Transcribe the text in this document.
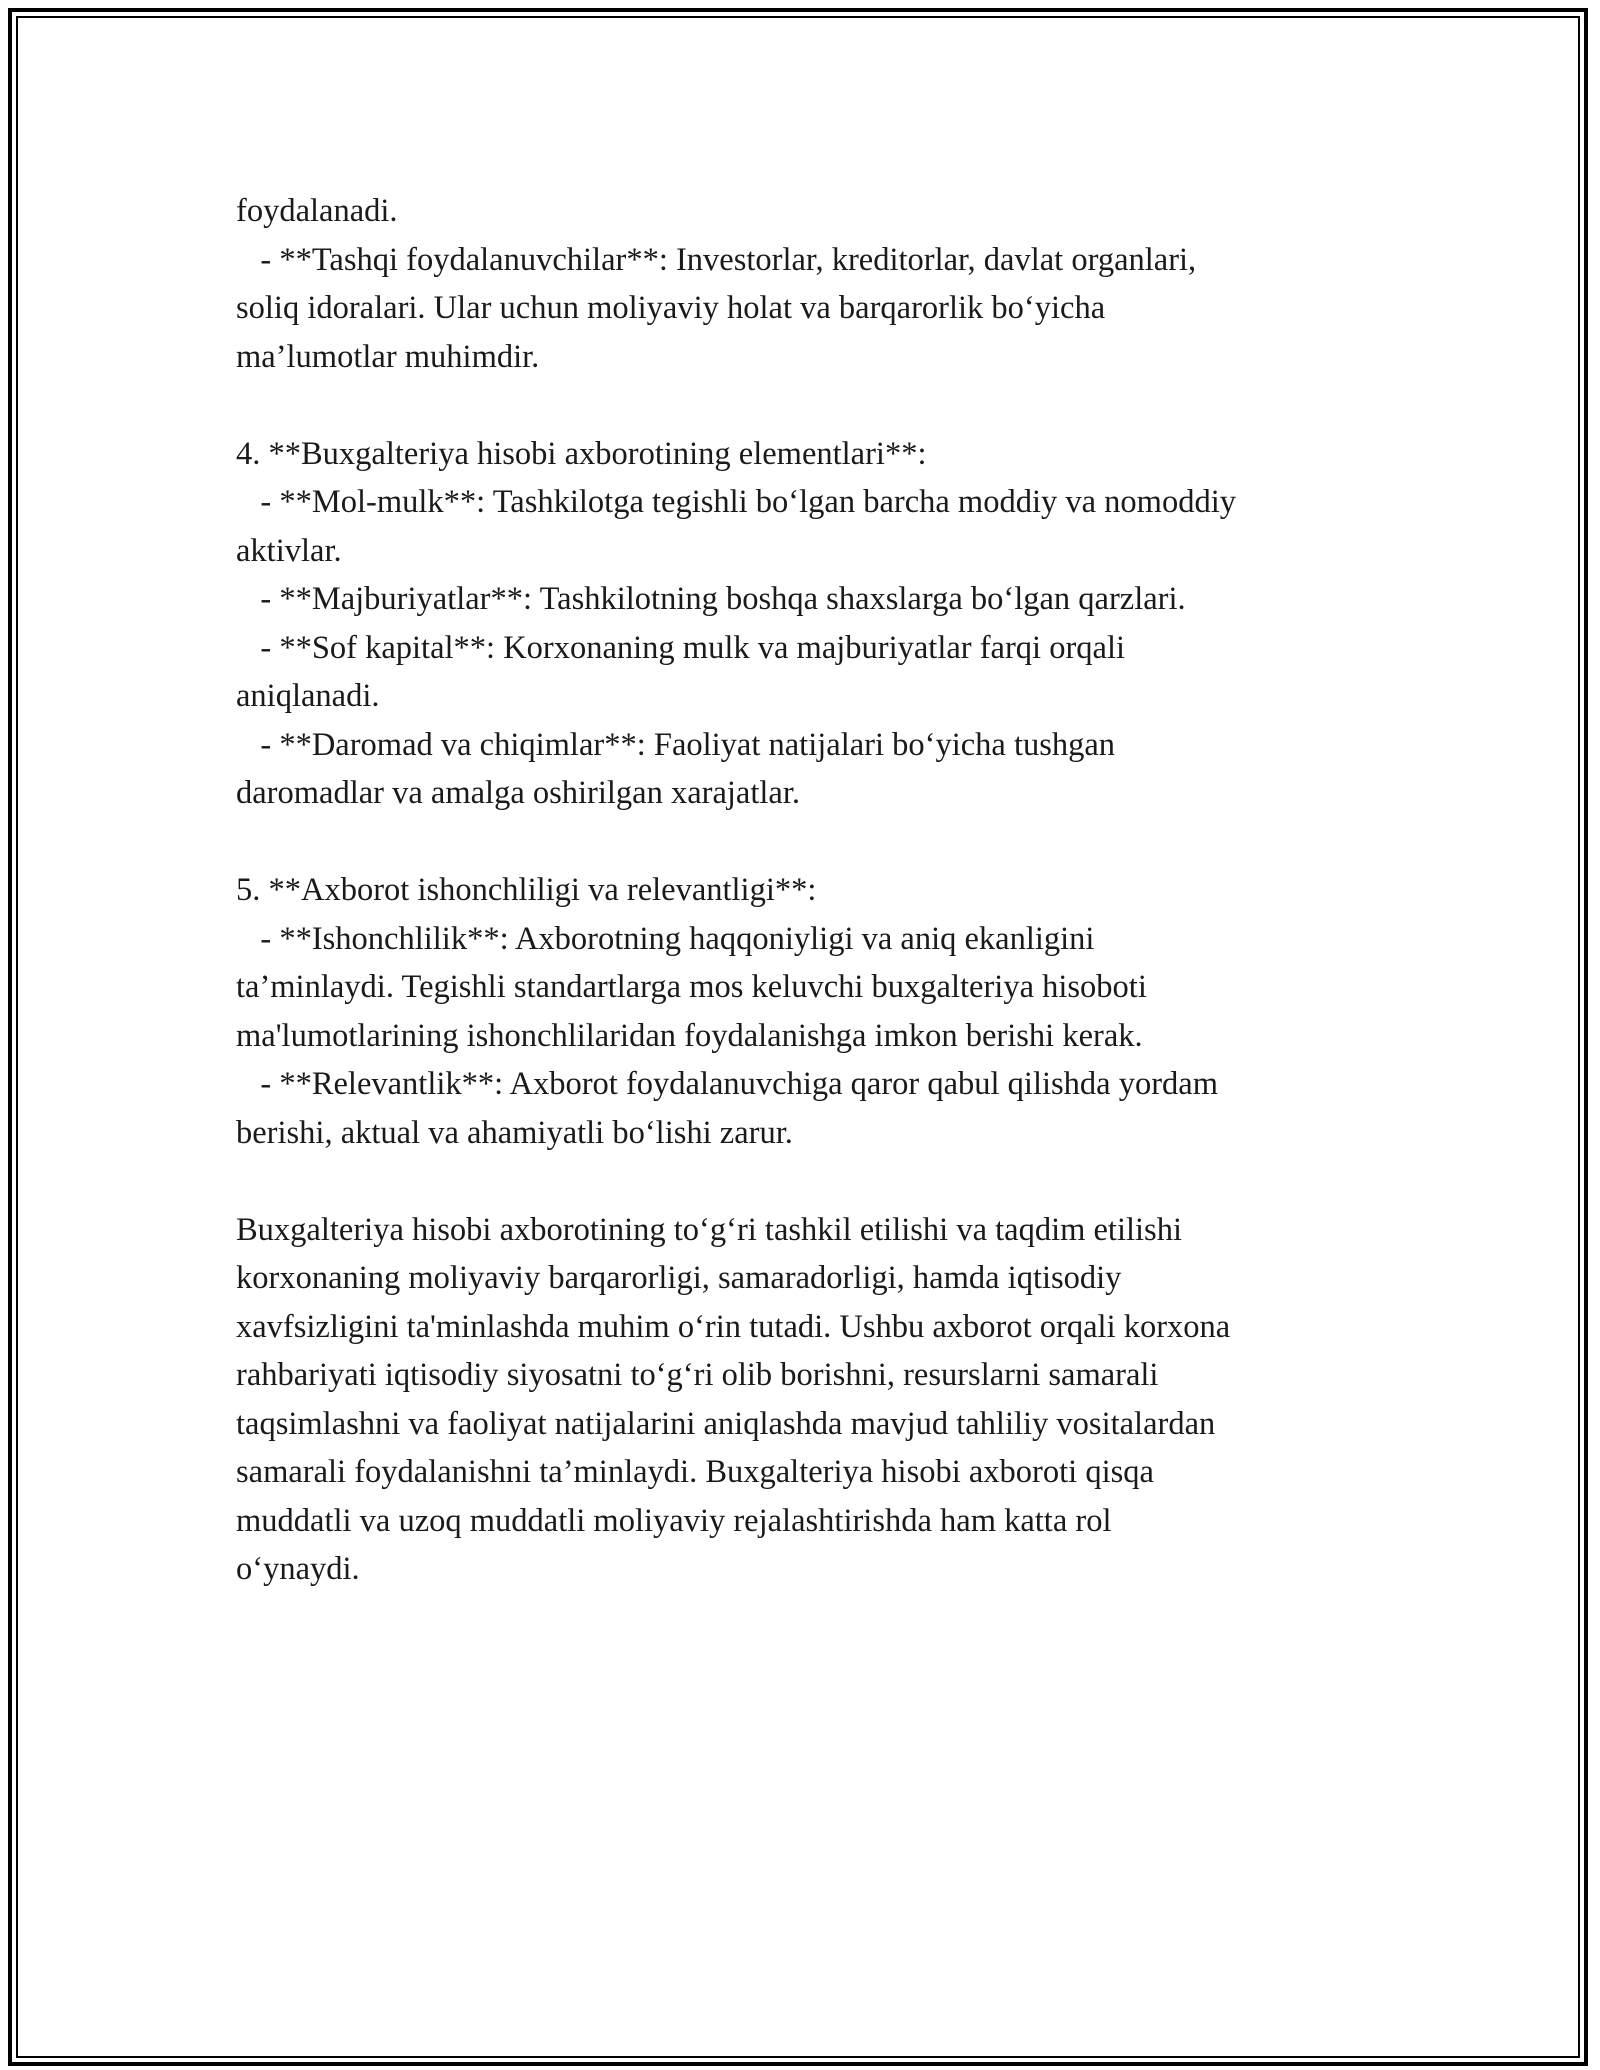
foydalanadi.
- **Tashqi foydalanuvchilar**: Investorlar, kreditorlar, davlat organlari,
soliq idoralari. Ular uchun moliyaviy holat va barqarorlik bo‘yicha
ma’lumotlar muhimdir.
4. **Buxgalteriya hisobi axborotining elementlari**:
- **Mol-mulk**: Tashkilotga tegishli bo‘lgan barcha moddiy va nomoddiy
aktivlar.
- **Majburiyatlar**: Tashkilotning boshqa shaxslarga bo‘lgan qarzlari.
- **Sof kapital**: Korxonaning mulk va majburiyatlar farqi orqali
aniqlanadi.
- **Daromad va chiqimlar**: Faoliyat natijalari bo‘yicha tushgan
daromadlar va amalga oshirilgan xarajatlar.
5. **Axborot ishonchliligi va relevantligi**:
- **Ishonchlilik**: Axborotning haqqoniyligi va aniq ekanligini
ta’minlaydi. Tegishli standartlarga mos keluvchi buxgalteriya hisoboti
ma'lumotlarining ishonchlilaridan foydalanishga imkon berishi kerak.
- **Relevantlik**: Axborot foydalanuvchiga qaror qabul qilishda yordam
berishi, aktual va ahamiyatli bo‘lishi zarur.
Buxgalteriya hisobi axborotining to‘g‘ri tashkil etilishi va taqdim etilishi
korxonaning moliyaviy barqarorligi, samaradorligi, hamda iqtisodiy
xavfsizligini ta'minlashda muhim o‘rin tutadi. Ushbu axborot orqali korxona
rahbariyati iqtisodiy siyosatni to‘g‘ri olib borishni, resurslarni samarali
taqsimlashni va faoliyat natijalarini aniqlashda mavjud tahliliy vositalardan
samarali foydalanishni ta’minlaydi. Buxgalteriya hisobi axboroti qisqa
muddatli va uzoq muddatli moliyaviy rejalashtirishda ham katta rol
o‘ynaydi.
